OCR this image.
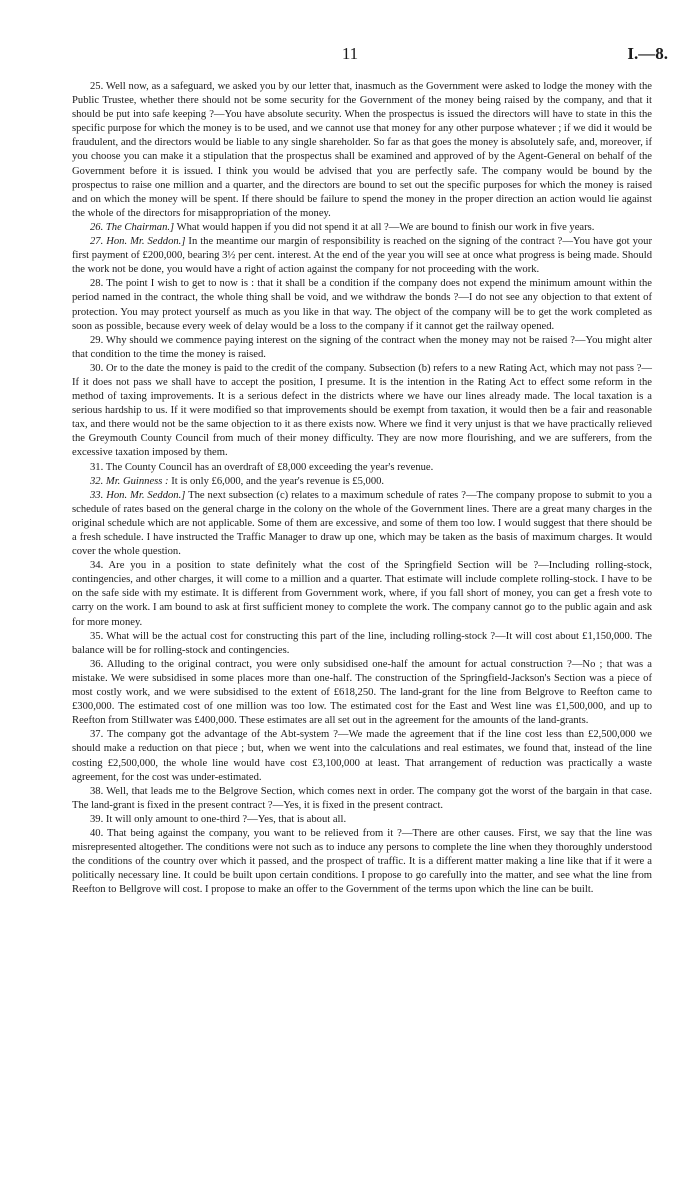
11	I.—8.

25. Well now, as a safeguard, we asked you by our letter that, inasmuch as the Government were asked to lodge the money with the Public Trustee, whether there should not be some security for the Government of the money being raised by the company, and that it should be put into safe keeping ?—You have absolute security. When the prospectus is issued the directors will have to state in this the specific purpose for which the money is to be used, and we cannot use that money for any other purpose whatever ; if we did it would be fraudulent, and the directors would be liable to any single shareholder. So far as that goes the money is absolutely safe, and, moreover, if you choose you can make it a stipulation that the prospectus shall be examined and approved of by the Agent-General on behalf of the Government before it is issued. I think you would be advised that you are perfectly safe. The company would be bound by the prospectus to raise one million and a quarter, and the directors are bound to set out the specific purposes for which the money is raised and on which the money will be spent. If there should be failure to spend the money in the proper direction an action would lie against the whole of the directors for misappropriation of the money.

26. The Chairman.] What would happen if you did not spend it at all ?—We are bound to finish our work in five years.

27. Hon. Mr. Seddon.] In the meantime our margin of responsibility is reached on the signing of the contract ?—You have got your first payment of £200,000, bearing 3½ per cent. interest. At the end of the year you will see at once what progress is being made. Should the work not be done, you would have a right of action against the company for not proceeding with the work.

28. The point I wish to get to now is : that it shall be a condition if the company does not expend the minimum amount within the period named in the contract, the whole thing shall be void, and we withdraw the bonds ?—I do not see any objection to that extent of protection. You may protect yourself as much as you like in that way. The object of the company will be to get the work completed as soon as possible, because every week of delay would be a loss to the company if it cannot get the railway opened.

29. Why should we commence paying interest on the signing of the contract when the money may not be raised ?—You might alter that condition to the time the money is raised.

30. Or to the date the money is paid to the credit of the company. Subsection (b) refers to a new Rating Act, which may not pass ?—If it does not pass we shall have to accept the position, I presume. It is the intention in the Rating Act to effect some reform in the method of taxing improvements. It is a serious defect in the districts where we have our lines already made. The local taxation is a serious hardship to us. If it were modified so that improvements should be exempt from taxation, it would then be a fair and reasonable tax, and there would not be the same objection to it as there exists now. Where we find it very unjust is that we have practically relieved the Greymouth County Council from much of their money difficulty. They are now more flourishing, and we are sufferers, from the excessive taxation imposed by them.

31. The County Council has an overdraft of £8,000 exceeding the year's revenue.

32. Mr. Guinness : It is only £6,000, and the year's revenue is £5,000.

33. Hon. Mr. Seddon.] The next subsection (c) relates to a maximum schedule of rates ?—The company propose to submit to you a schedule of rates based on the general charge in the colony on the whole of the Government lines. There are a great many charges in the original schedule which are not applicable. Some of them are excessive, and some of them too low. I would suggest that there should be a fresh schedule. I have instructed the Traffic Manager to draw up one, which may be taken as the basis of maximum charges. It would cover the whole question.

34. Are you in a position to state definitely what the cost of the Springfield Section will be ?—Including rolling-stock, contingencies, and other charges, it will come to a million and a quarter. That estimate will include complete rolling-stock. I have to be on the safe side with my estimate. It is different from Government work, where, if you fall short of money, you can get a fresh vote to carry on the work. I am bound to ask at first sufficient money to complete the work. The company cannot go to the public again and ask for more money.

35. What will be the actual cost for constructing this part of the line, including rolling-stock ?—It will cost about £1,150,000. The balance will be for rolling-stock and contingencies.

36. Alluding to the original contract, you were only subsidised one-half the amount for actual construction ?—No ; that was a mistake. We were subsidised in some places more than one-half. The construction of the Springfield-Jackson's Section was a piece of most costly work, and we were subsidised to the extent of £618,250. The land-grant for the line from Belgrove to Reefton came to £300,000. The estimated cost of one million was too low. The estimated cost for the East and West line was £1,500,000, and up to Reefton from Stillwater was £400,000. These estimates are all set out in the agreement for the amounts of the land-grants.

37. The company got the advantage of the Abt-system ?—We made the agreement that if the line cost less than £2,500,000 we should make a reduction on that piece ; but, when we went into the calculations and real estimates, we found that, instead of the line costing £2,500,000, the whole line would have cost £3,100,000 at least. That arrangement of reduction was practically a waste agreement, for the cost was under-estimated.

38. Well, that leads me to the Belgrove Section, which comes next in order. The company got the worst of the bargain in that case. The land-grant is fixed in the present contract ?—Yes, it is fixed in the present contract.

39. It will only amount to one-third ?—Yes, that is about all.

40. That being against the company, you want to be relieved from it ?—There are other causes. First, we say that the line was misrepresented altogether. The conditions were not such as to induce any persons to complete the line when they thoroughly understood the conditions of the country over which it passed, and the prospect of traffic. It is a different matter making a line like that if it were a politically necessary line. It could be built upon certain conditions. I propose to go carefully into the matter, and see what the line from Reefton to Bellgrove will cost. I propose to make an offer to the Government of the terms upon which the line can be built.
